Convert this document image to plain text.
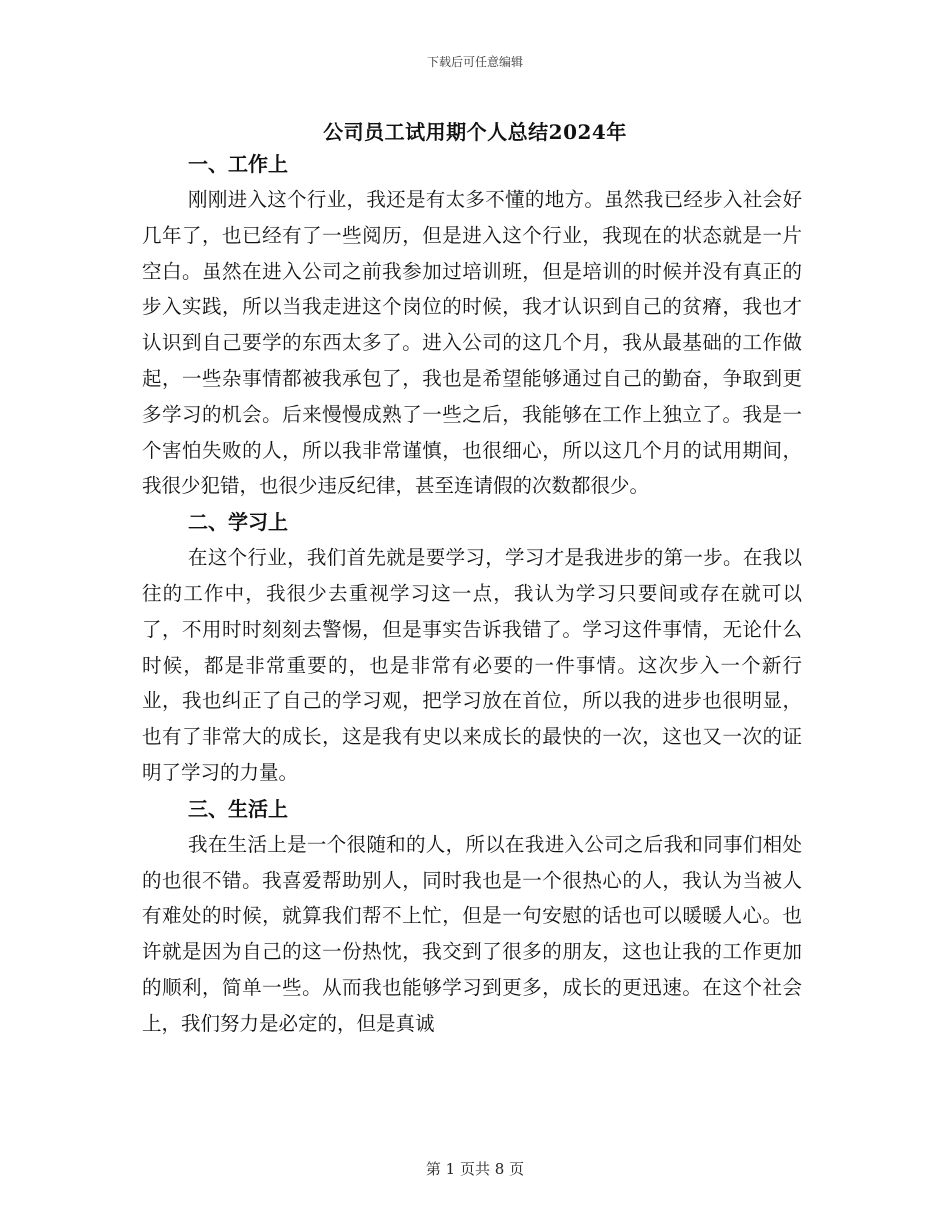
下载后可任意编辑
公司员工试用期个人总结2024年
一、工作上

刚刚进入这个行业，我还是有太多不懂的地方。虽然我已经步入社会好几年了，也已经有了一些阅历，但是进入这个行业，我现在的状态就是一片空白。虽然在进入公司之前我参加过培训班，但是培训的时候并没有真正的步入实践，所以当我走进这个岗位的时候，我才认识到自己的贫瘠，我也才认识到自己要学的东西太多了。进入公司的这几个月，我从最基础的工作做起，一些杂事情都被我承包了，我也是希望能够通过自己的勤奋，争取到更多学习的机会。后来慢慢成熟了一些之后，我能够在工作上独立了。我是一个害怕失败的人，所以我非常谨慎，也很细心，所以这几个月的试用期间，我很少犯错，也很少违反纪律，甚至连请假的次数都很少。

二、学习上

在这个行业，我们首先就是要学习，学习才是我进步的第一步。在我以往的工作中，我很少去重视学习这一点，我认为学习只要间或存在就可以了，不用时时刻刻去警惕，但是事实告诉我错了。学习这件事情，无论什么时候，都是非常重要的，也是非常有必要的一件事情。这次步入一个新行业，我也纠正了自己的学习观，把学习放在首位，所以我的进步也很明显，也有了非常大的成长，这是我有史以来成长的最快的一次，这也又一次的证明了学习的力量。

三、生活上

我在生活上是一个很随和的人，所以在我进入公司之后我和同事们相处的也很不错。我喜爱帮助别人，同时我也是一个很热心的人，我认为当被人有难处的时候，就算我们帮不上忙，但是一句安慰的话也可以暖暖人心。也许就是因为自己的这一份热忱，我交到了很多的朋友，这也让我的工作更加的顺利，简单一些。从而我也能够学习到更多，成长的更迅速。在这个社会上，我们努力是必定的，但是真诚

第 1 页共 8 页
